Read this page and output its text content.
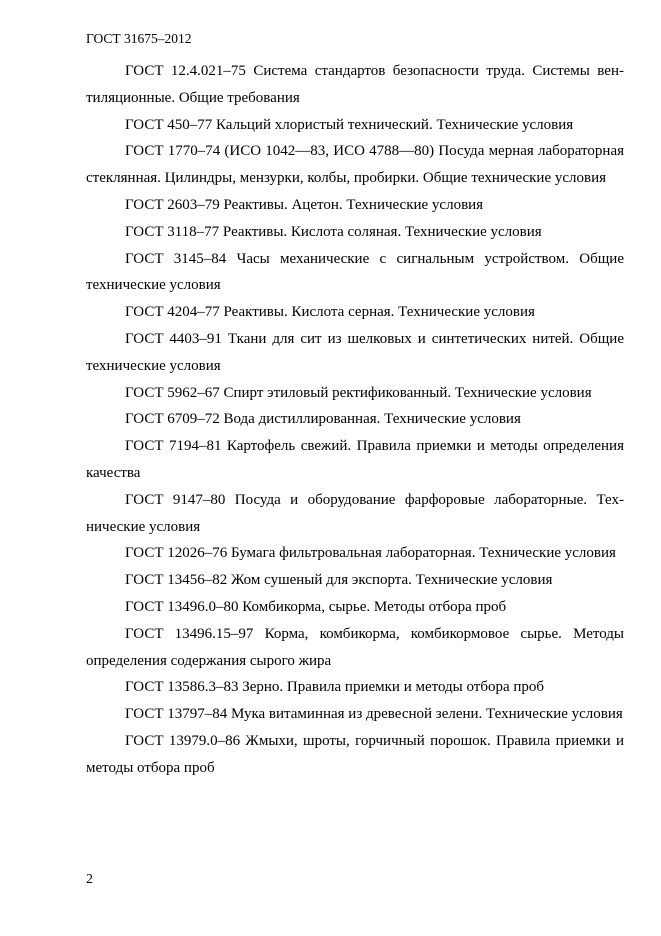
ГОСТ 31675–2012

ГОСТ 12.4.021–75 Система стандартов безопасности труда. Системы вентиляционные. Общие требования

ГОСТ 450–77 Кальций хлористый технический. Технические условия

ГОСТ 1770–74 (ИСО 1042—83, ИСО 4788—80) Посуда мерная лабораторная стеклянная. Цилиндры, мензурки, колбы, пробирки. Общие технические условия

ГОСТ 2603–79 Реактивы. Ацетон. Технические условия

ГОСТ 3118–77 Реактивы. Кислота соляная. Технические условия

ГОСТ 3145–84 Часы механические с сигнальным устройством. Общие технические условия

ГОСТ 4204–77 Реактивы. Кислота серная. Технические условия

ГОСТ 4403–91 Ткани для сит из шелковых и синтетических нитей. Общие технические условия

ГОСТ 5962–67 Спирт этиловый ректификованный. Технические условия

ГОСТ 6709–72 Вода дистиллированная. Технические условия

ГОСТ 7194–81 Картофель свежий. Правила приемки и методы определения качества

ГОСТ 9147–80 Посуда и оборудование фарфоровые лабораторные. Технические условия

ГОСТ 12026–76 Бумага фильтровальная лабораторная. Технические условия

ГОСТ 13456–82 Жом сушеный для экспорта. Технические условия

ГОСТ 13496.0–80 Комбикорма, сырье. Методы отбора проб

ГОСТ 13496.15–97 Корма, комбикорма, комбикормовое сырье. Методы определения содержания сырого жира

ГОСТ 13586.3–83 Зерно. Правила приемки и методы отбора проб

ГОСТ 13797–84 Мука витаминная из древесной зелени. Технические условия

ГОСТ 13979.0–86 Жмыхи, шроты, горчичный порошок. Правила приемки и методы отбора проб

2
